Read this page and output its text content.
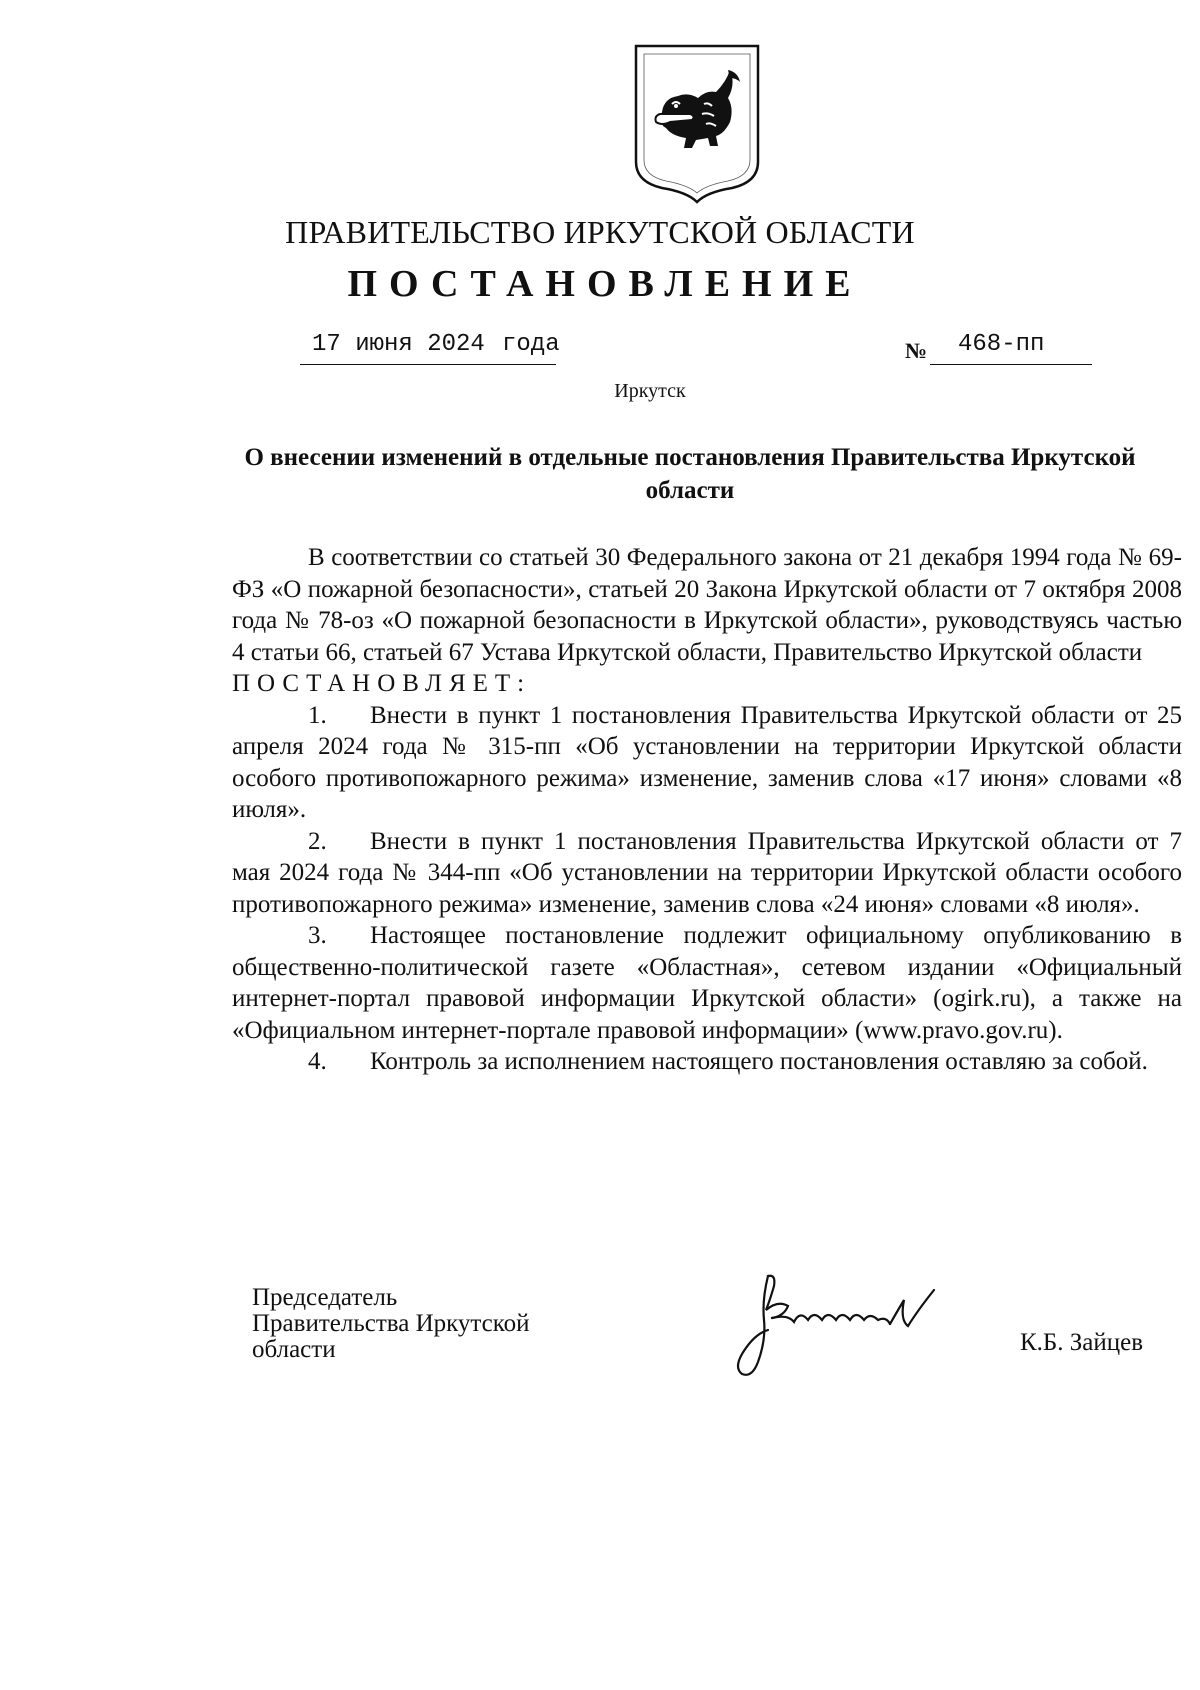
ПРАВИТЕЛЬСТВО ИРКУТСКОЙ ОБЛАСТИ
ПОСТАНОВЛЕНИЕ
17 июня 2024 года	№ 468-пп
Иркутск
О внесении изменений в отдельные постановления Правительства Иркутской области

В соответствии со статьей 30 Федерального закона от 21 декабря 1994 года № 69-ФЗ «О пожарной безопасности», статьей 20 Закона Иркутской области от 7 октября 2008 года № 78-оз «О пожарной безопасности в Иркутской области», руководствуясь частью 4 статьи 66, статьей 67 Устава Иркутской области, Правительство Иркутской области

ПОСТАНОВЛЯЕТ:

1. Внести в пункт 1 постановления Правительства Иркутской области от 25 апреля 2024 года № 315-пп «Об установлении на территории Иркутской области особого противопожарного режима» изменение, заменив слова «17 июня» словами «8 июля».

2. Внести в пункт 1 постановления Правительства Иркутской области от 7 мая 2024 года № 344-пп «Об установлении на территории Иркутской области особого противопожарного режима» изменение, заменив слова «24 июня» словами «8 июля».

3. Настоящее постановление подлежит официальному опубликованию в общественно-политической газете «Областная», сетевом издании «Официальный интернет-портал правовой информации Иркутской области» (ogirk.ru), а также на «Официальном интернет-портале правовой информации» (www.pravo.gov.ru).

4. Контроль за исполнением настоящего постановления оставляю за собой.

Председатель
Правительства Иркутской
области	К.Б. Зайцев
